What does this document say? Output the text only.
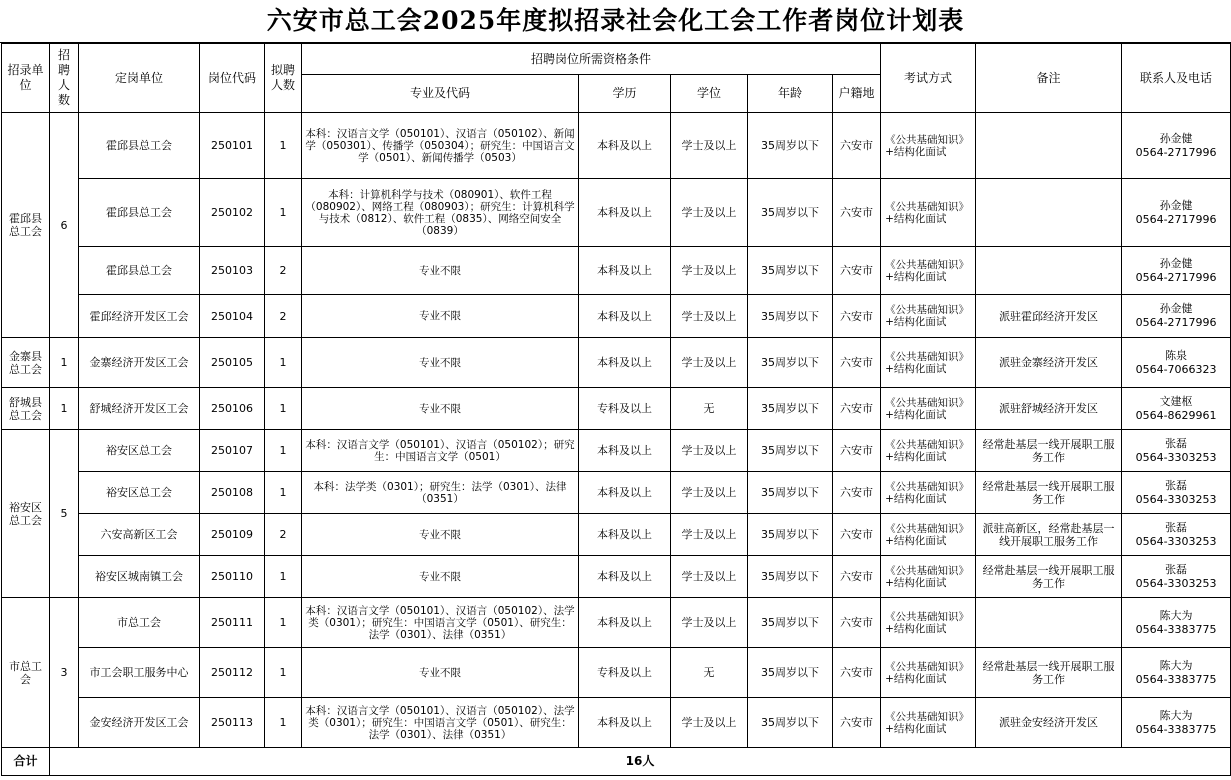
六安市总工会2025年度拟招录社会化工会工作者岗位计划表
招录单位	招聘人数	定岗单位	岗位代码	拟聘人数	招聘岗位所需资格条件					考试方式	备注	联系人及电话
					专业及代码	学历	学位	年龄	户籍地			
霍邱县总工会	6	霍邱县总工会	250101	1	本科：汉语言文学（050101）、汉语言（050102）、新闻学（050301）、传播学（050304）；研究生：中国语言文学（0501）、新闻传播学（0503）	本科及以上	学士及以上	35周岁以下	六安市	《公共基础知识》+结构化面试		孙金健
0564-2717996

		霍邱县总工会	250102	1	本科：计算机科学与技术（080901）、软件工程（080902）、网络工程（080903）；研究生：计算机科学与技术（0812）、软件工程（0835）、网络空间安全（0839）	本科及以上	学士及以上	35周岁以下	六安市	《公共基础知识》+结构化面试		孙金健
0564-2717996

		霍邱县总工会	250103	2	专业不限	本科及以上	学士及以上	35周岁以下	六安市	《公共基础知识》+结构化面试		孙金健
0564-2717996

		霍邱经济开发区工会	250104	2	专业不限	本科及以上	学士及以上	35周岁以下	六安市	《公共基础知识》+结构化面试	派驻霍邱经济开发区	孙金健
0564-2717996

金寨县总工会	1	金寨经济开发区工会	250105	1	专业不限	本科及以上	学士及以上	35周岁以下	六安市	《公共基础知识》+结构化面试	派驻金寨经济开发区	陈泉
0564-7066323

舒城县总工会	1	舒城经济开发区工会	250106	1	专业不限	专科及以上	无	35周岁以下	六安市	《公共基础知识》+结构化面试	派驻舒城经济开发区	文建枢
0564-8629961

裕安区总工会	5	裕安区总工会	250107	1	本科：汉语言文学（050101）、汉语言（050102）；研究生：中国语言文学（0501）	本科及以上	学士及以上	35周岁以下	六安市	《公共基础知识》+结构化面试	经常赴基层一线开展职工服务工作	张磊
0564-3303253

		裕安区总工会	250108	1	本科：法学类（0301）；研究生：法学（0301）、法律（0351）	本科及以上	学士及以上	35周岁以下	六安市	《公共基础知识》+结构化面试	经常赴基层一线开展职工服务工作	张磊
0564-3303253

		六安高新区工会	250109	2	专业不限	本科及以上	学士及以上	35周岁以下	六安市	《公共基础知识》+结构化面试	派驻高新区，经常赴基层一线开展职工服务工作	张磊
0564-3303253

		裕安区城南镇工会	250110	1	专业不限	本科及以上	学士及以上	35周岁以下	六安市	《公共基础知识》+结构化面试	经常赴基层一线开展职工服务工作	张磊
0564-3303253

市总工会	3	市总工会	250111	1	本科：汉语言文学（050101）、汉语言（050102）、法学类（0301）；研究生：中国语言文学（0501）、研究生：法学（0301）、法律（0351）	本科及以上	学士及以上	35周岁以下	六安市	《公共基础知识》+结构化面试		陈大为
0564-3383775

		市工会职工服务中心	250112	1	专业不限	专科及以上	无	35周岁以下	六安市	《公共基础知识》+结构化面试	经常赴基层一线开展职工服务工作	陈大为
0564-3383775

		金安经济开发区工会	250113	1	本科：汉语言文学（050101）、汉语言（050102）、法学类（0301）；研究生：中国语言文学（0501）、研究生：法学（0301）、法律（0351）	本科及以上	学士及以上	35周岁以下	六安市	《公共基础知识》+结构化面试	派驻金安经济开发区	陈大为
0564-3383775

合计	16人											
